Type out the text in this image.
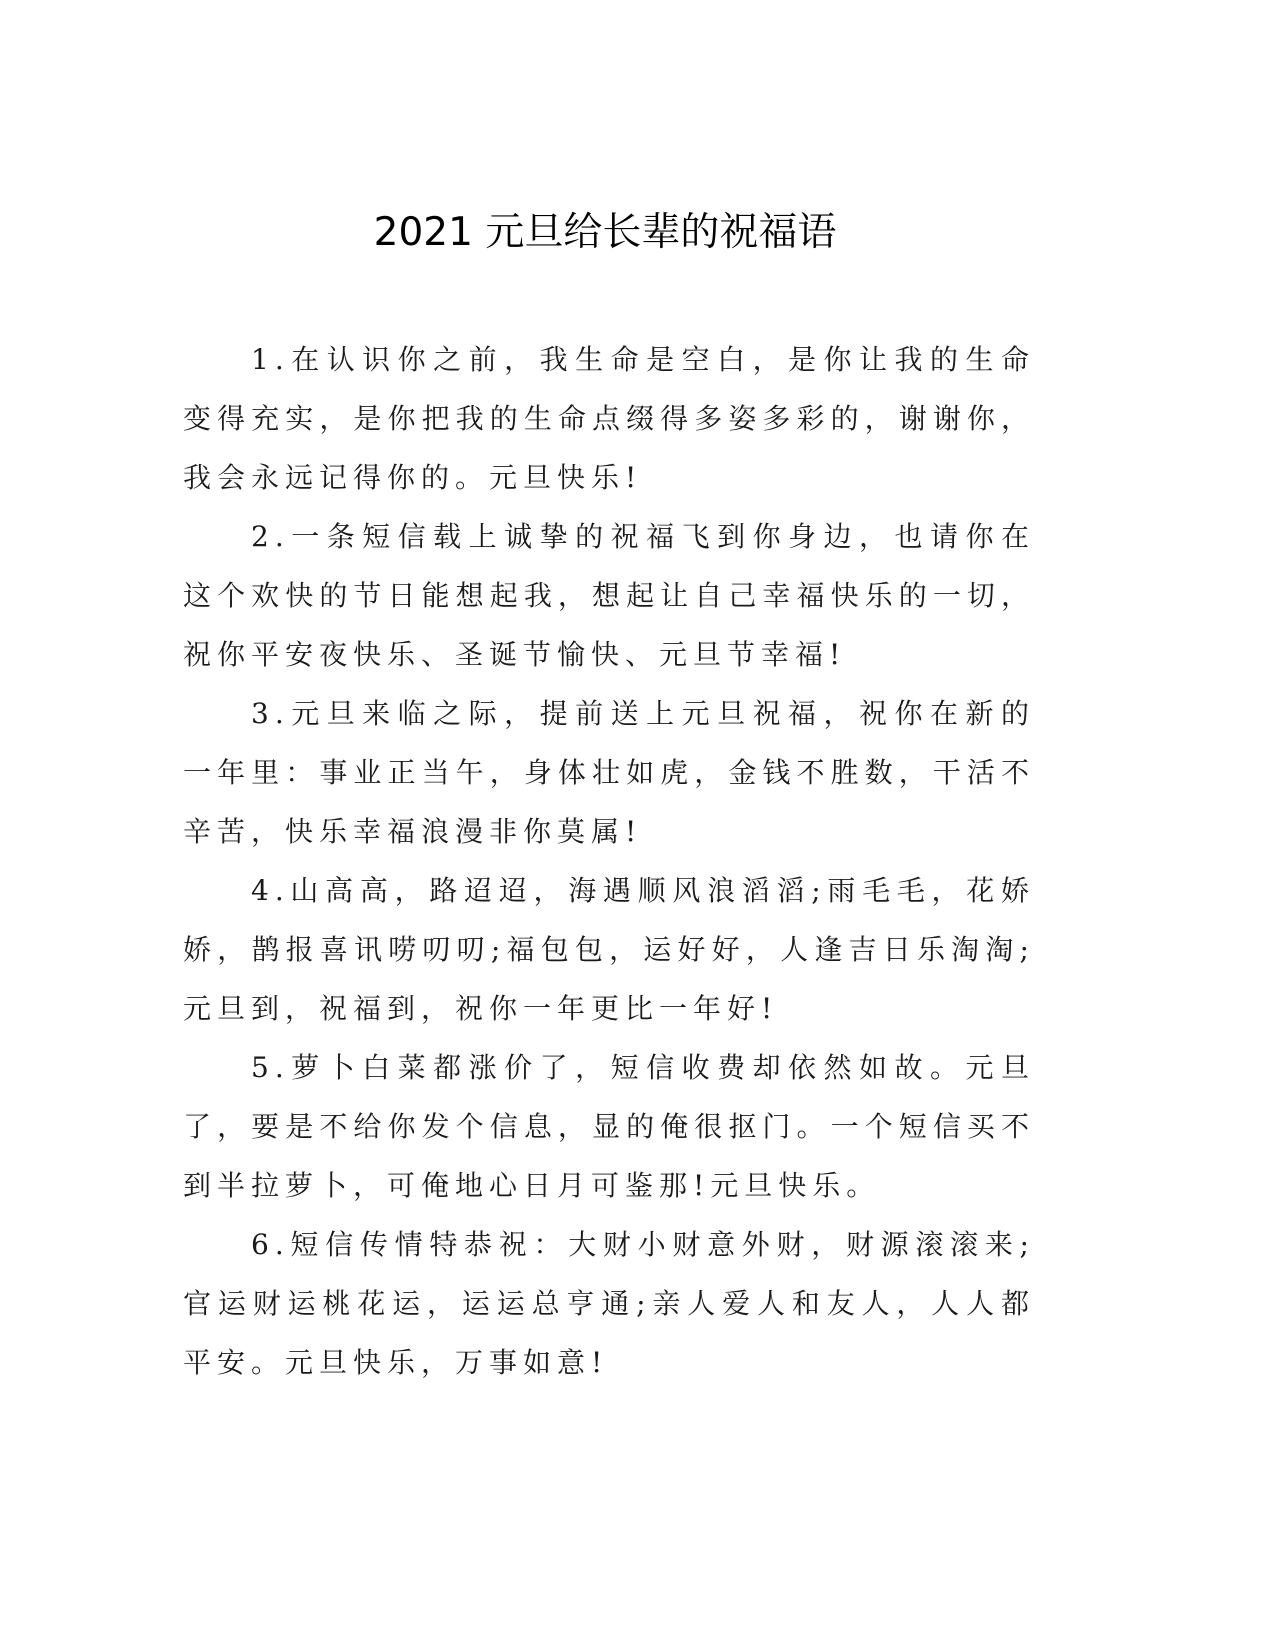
2021 元旦给长辈的祝福语

1.在认识你之前，我生命是空白，是你让我的生命变得充实，是你把我的生命点缀得多姿多彩的，谢谢你，我会永远记得你的。元旦快乐!

2.一条短信载上诚挚的祝福飞到你身边，也请你在这个欢快的节日能想起我，想起让自己幸福快乐的一切，祝你平安夜快乐、圣诞节愉快、元旦节幸福!

3.元旦来临之际，提前送上元旦祝福，祝你在新的一年里：事业正当午，身体壮如虎，金钱不胜数，干活不辛苦，快乐幸福浪漫非你莫属!

4.山高高，路迢迢，海遇顺风浪滔滔;雨毛毛，花娇娇，鹊报喜讯唠叨叨;福包包，运好好，人逢吉日乐淘淘;元旦到，祝福到，祝你一年更比一年好!

5.萝卜白菜都涨价了，短信收费却依然如故。元旦了，要是不给你发个信息，显的俺很抠门。一个短信买不到半拉萝卜，可俺地心日月可鉴那!元旦快乐。

6.短信传情特恭祝：大财小财意外财，财源滚滚来;官运财运桃花运，运运总亨通;亲人爱人和友人，人人都平安。元旦快乐，万事如意!
